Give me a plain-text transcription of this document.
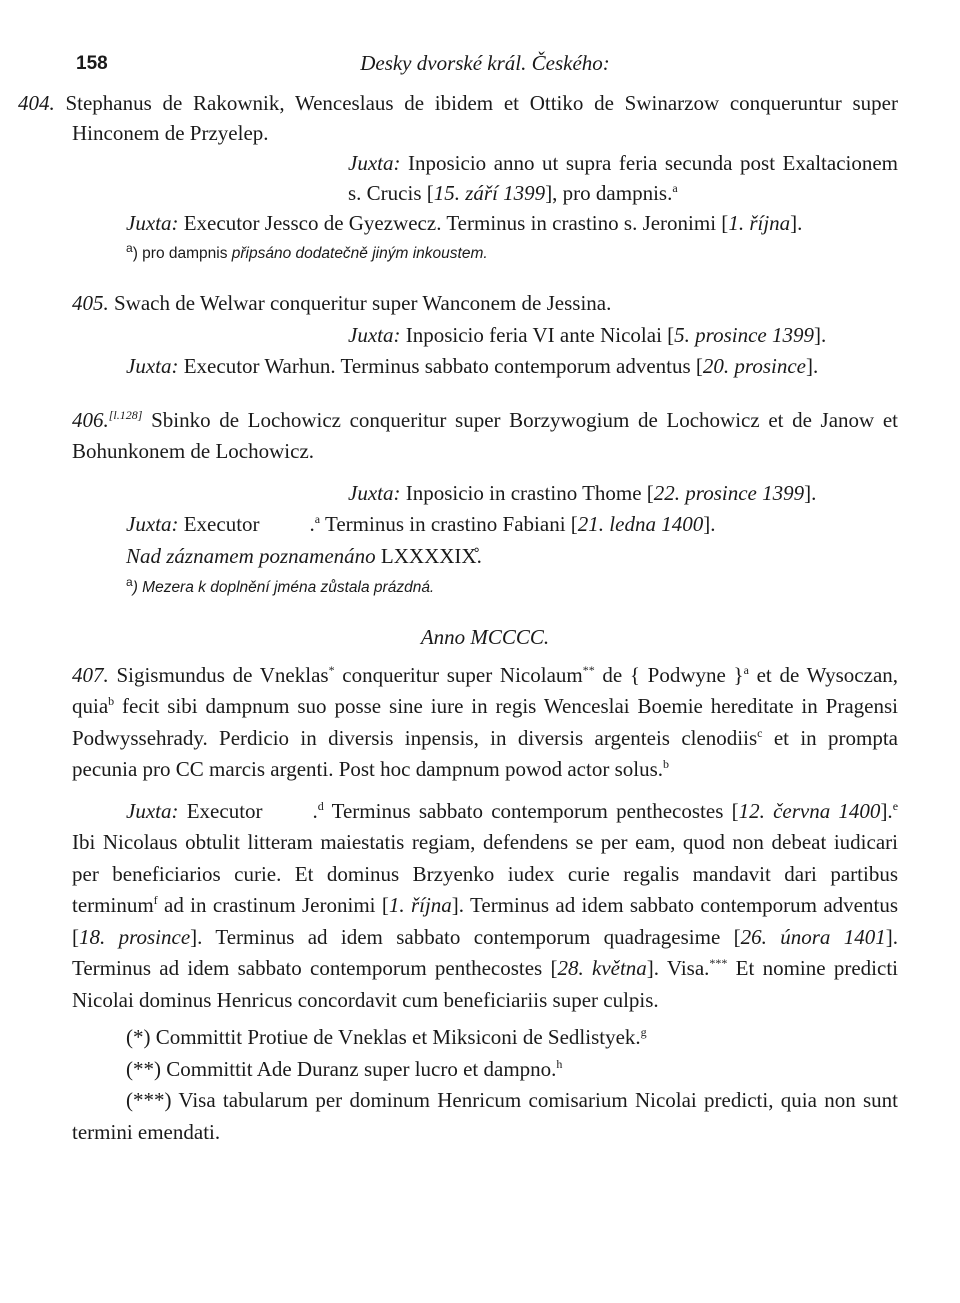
158	Desky dvorské král. Českého:

404. Stephanus de Rakownik, Wenceslaus de ibidem et Ottiko de Swinarzow conqueruntur super Hinconem de Przyelep.

Juxta: Inposicio anno ut supra feria secunda post Exaltacionem s. Crucis [15. září 1399], pro dampnis.$^a$

Juxta: Executor Jessco de Gyezwecz. Terminus in crastino s. Jeronimi [1. října].

$^a$) pro dampnis připsáno dodatečně jiným inkoustem.

405. Swach de Welwar conqueritur super Wanconem de Jessina.

Juxta: Inposicio feria VI ante Nicolai [5. prosince 1399].

Juxta: Executor Warhun. Terminus sabbato contemporum adventus [20. prosince].

406.[l.128] Sbinko de Lochowicz conqueritur super Borzywogium de Lochowicz et de Janow et Bohunkonem de Lochowicz.

Juxta: Inposicio in crastino Thome [22. prosince 1399].

Juxta: Executor .$^a$ Terminus in crastino Fabiani [21. ledna 1400].

Nad záznamem poznamenáno LXXXXIX̊.

$^a$) Mezera k doplnění jména zůstala prázdná.

Anno MCCCC.

407. Sigismundus de Vneklas* conqueritur super Nicolaum** de { Podwyne }$^a$ et de Wysoczan, quia$^b$ fecit sibi dampnum suo posse sine iure in regis Wenceslai Boemie hereditate in Pragensi Podwyssehrady. Perdicio in diversis inpensis, in diversis argenteis clenodiis$^c$ et in prompta pecunia pro CC marcis argenti. Post hoc dampnum powod actor solus.$^b$

Juxta: Executor .$^d$ Terminus sabbato contemporum penthecostes [12. června 1400].$^e$ Ibi Nicolaus obtulit litteram maiestatis regiam, defendens se per eam, quod non debeat iudicari per beneficiarios curie. Et dominus Brzyenko iudex curie regalis mandavit dari partibus terminum$^f$ ad in crastinum Jeronimi [1. října]. Terminus ad idem sabbato contemporum adventus [18. prosince]. Terminus ad idem sabbato contemporum quadragesime [26. února 1401]. Terminus ad idem sabbato contemporum penthecostes [28. května]. Visa.*** Et nomine predicti Nicolai dominus Henricus concordavit cum beneficiariis super culpis.

(*) Committit Protiue de Vneklas et Miksiconi de Sedlistyek.$^g$

(**) Committit Ade Duranz super lucro et dampno.$^h$

(***) Visa tabularum per dominum Henricum comisarium Nicolai predicti, quia non sunt termini emendati.
